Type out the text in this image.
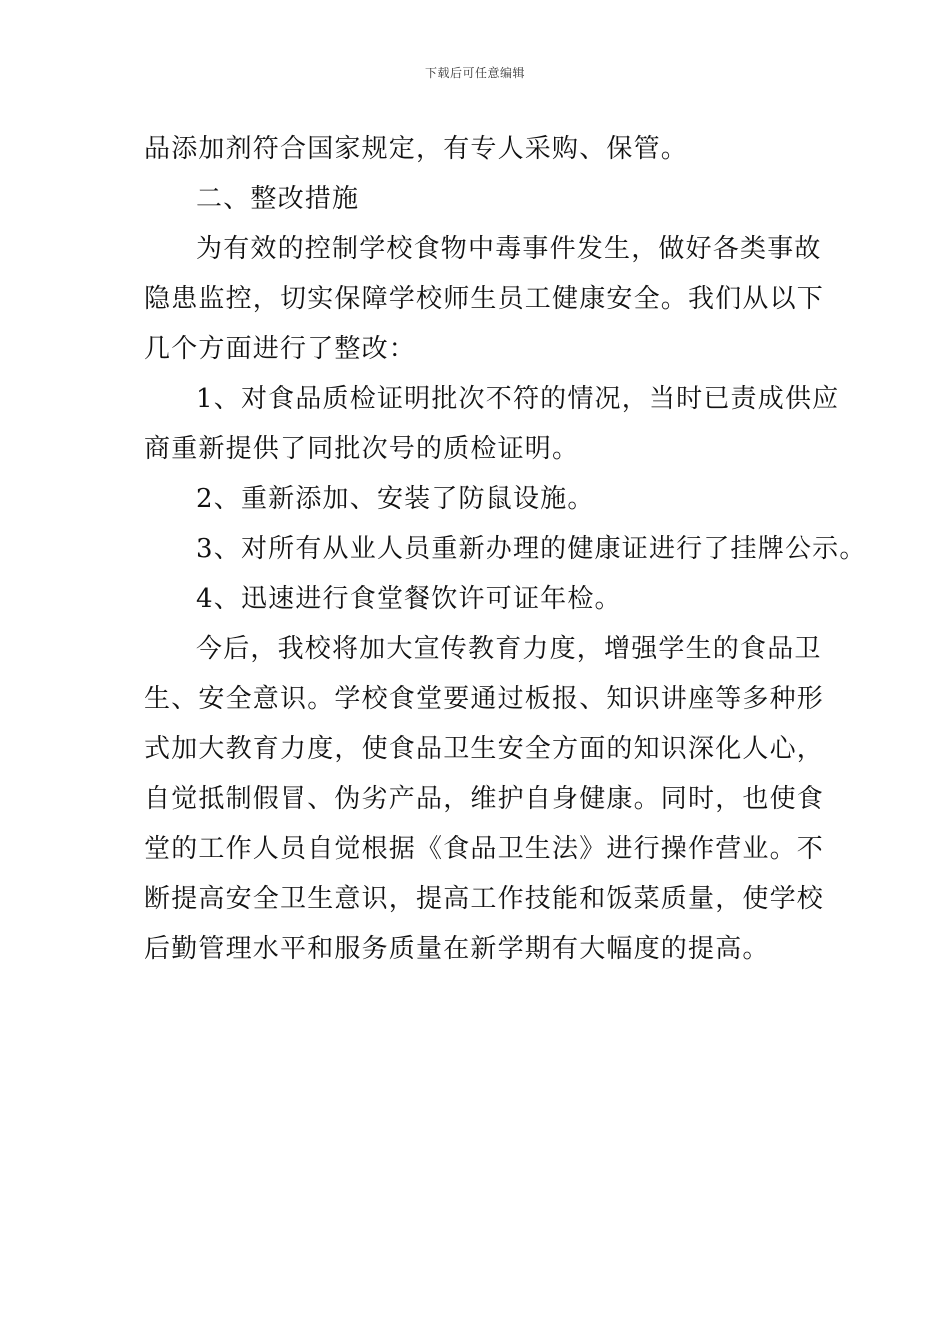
下载后可任意编辑
品添加剂符合国家规定，有专人采购、保管。
二、整改措施
为有效的控制学校食物中毒事件发生，做好各类事故
隐患监控，切实保障学校师生员工健康安全。我们从以下
几个方面进行了整改：
1、对食品质检证明批次不符的情况，当时已责成供应
商重新提供了同批次号的质检证明。
2、重新添加、安装了防鼠设施。
3、对所有从业人员重新办理的健康证进行了挂牌公示。
4、迅速进行食堂餐饮许可证年检。
今后，我校将加大宣传教育力度，增强学生的食品卫
生、安全意识。学校食堂要通过板报、知识讲座等多种形
式加大教育力度，使食品卫生安全方面的知识深化人心，
自觉抵制假冒、伪劣产品，维护自身健康。同时，也使食
堂的工作人员自觉根据《食品卫生法》进行操作营业。不
断提高安全卫生意识，提高工作技能和饭菜质量，使学校
后勤管理水平和服务质量在新学期有大幅度的提高。
